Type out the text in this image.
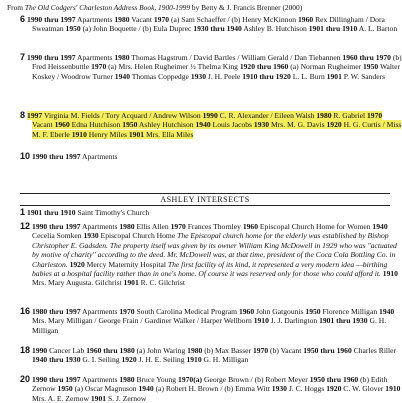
From The Old Codgers' Charleston Address Book, 1900-1999 by Betty & J. Francis Brenner (2000)
6 1990 thru 1997 Apartments 1980 Vacant 1970 (a) Sam Schaeffer / (b) Henry McKinnon 1960 Rex Dillingham / Dora Sweatman 1950 (a) John Boquette / (b) Eula Duprec 1930 thru 1940 Ashley B. Hutchison 1901 thru 1910 A. L. Barton
7 1990 thru 1997 Apartments 1980 Thomas Hagstrum / David Bartles / William Gerald / Dan Tiebannen 1960 thru 1970 (b) Fred Heissenbuttle 1970 (a) Mrs. Helen Rugheimer ½ Thelma King 1920 thru 1960 (a) Norman Rugheimer 1950 Walter Koskey / Woodrow Turner 1940 Thomas Coppedge 1930 J. H. Peele 1910 thru 1920 L. L. Burn 1901 P. W. Sanders
8 1997 Virginia M. Fields / Tory Acquard / Andrew Wilson 1990 C. R. Alexander / Eileen Walsh 1980 R. Gabriel 1970 Vacant 1960 Edna Hutchison 1950 Ashley Hutchison 1940 Louis Jacobs 1930 Mrs. M. G. Davis 1920 H. G. Curtis / Miss M. F. Eberle 1910 Henry Miles 1901 Mrs. Ella Miles
10 1990 thru 1997 Apartments
ASHLEY INTERSECTS
1 1901 thru 1910 Saint Timothy's Church
12 1990 thru 1997 Apartments 1980 Ellis Allen 1970 Frances Thornley 1960 Episcopal Church Home for Women 1940 Cecelia Somken 1930 Episcopal Church Home The Episcopal church home for the elderly was established by Bishop Christopher E. Gadsden. The property itself was given by its owner William King McDowell in 1929 who was "actuated by motive of charity" according to the deed. Mr. McDowell was, at that time, president of the Coca Cola Bottling Co. in Charleston. 1920 Mercy Maternity Hospital The first facility of its kind, it represented a very modern idea —birthing babies at a hospital facility rather than in one's home. Of course it was reserved only for those who could afford it. 1910 Mrs. Mary Augusta. Gilchrist 1901 R. C. Gilchrist
16 1980 thru 1997 Apartments 1970 South Carolina Medical Program 1960 John Gatgounis 1950 Florence Milligan 1940 Mrs. Mary Milligan / George Frain / Gardiner Walker / Harper Wellborn 1910 J. J. Darlington 1901 thru 1930 G. H. Milligan
18 1990 Cancer Lab 1960 thru 1980 (a) John Waring 1980 (b) Max Basser 1970 (b) Vacant 1950 thru 1960 Charles Riller 1940 thru 1930 G. I. Seiling 1920 J. H. E. Seiling 1910 G. H. Milligan
20 1990 thru 1997 Apartments 1980 Bruce Young 1970(a) George Brown / (b) Robert Meyer 1950 thru 1960 (b) Edith Zernow 1950 (a) Oscar Magnuson 1940 (a) Robert H. Brown / (b) Emma Witt 1930 J. C. Hoggs 1920 C. W. Glover 1910 Mrs. A. E. Zernow 1901 S. J. Zernow
